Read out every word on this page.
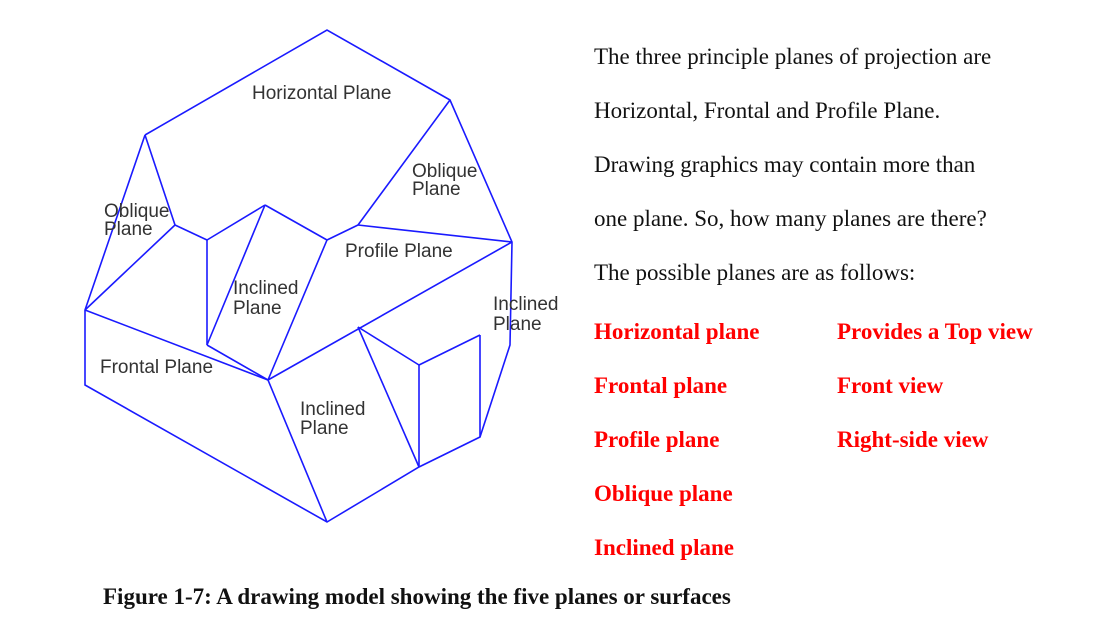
Horizontal Plane
Oblique
Plane
Oblique
Plane
Profile Plane
Inclined
Plane	Inclined
Plane
Frontal Plane
Inclined
Plane
The three principle planes of projection are
Horizontal, Frontal and Profile Plane.
Drawing graphics may contain more than
one plane. So, how many planes are there?
The possible planes are as follows:
Horizontal plane	Provides a Top view
Frontal plane	Front view
Profile plane	Right-side view
Oblique plane
Inclined plane
Figure 1-7: A drawing model showing the five planes or surfaces
